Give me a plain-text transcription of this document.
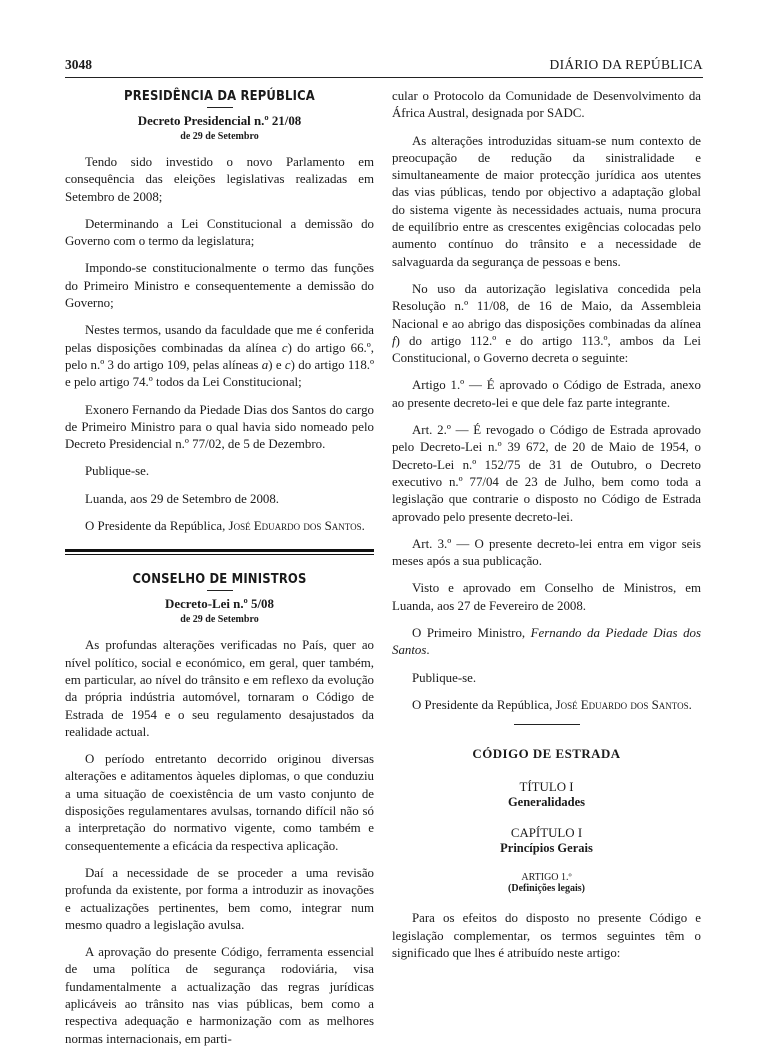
3048	DIÁRIO DA REPÚBLICA
PRESIDÊNCIA DA REPÚBLICA
Decreto Presidencial n.º 21/08
de 29 de Setembro

Tendo sido investido o novo Parlamento em consequência das eleições legislativas realizadas em Setembro de 2008;

Determinando a Lei Constitucional a demissão do Governo com o termo da legislatura;

Impondo-se constitucionalmente o termo das funções do Primeiro Ministro e consequentemente a demissão do Governo;

Nestes termos, usando da faculdade que me é conferida pelas disposições combinadas da alínea c) do artigo 66.º, pelo n.º 3 do artigo 109, pelas alíneas a) e c) do artigo 118.º e pelo artigo 74.º todos da Lei Constitucional;

Exonero Fernando da Piedade Dias dos Santos do cargo de Primeiro Ministro para o qual havia sido nomeado pelo Decreto Presidencial n.º 77/02, de 5 de Dezembro.

Publique-se.

Luanda, aos 29 de Setembro de 2008.

O Presidente da República, José Eduardo dos Santos.

CONSELHO DE MINISTROS
Decreto-Lei n.º 5/08
de 29 de Setembro

As profundas alterações verificadas no País, quer ao nível político, social e económico, em geral, quer também, em particular, ao nível do trânsito e em reflexo da evolução da própria indústria automóvel, tornaram o Código de Estrada de 1954 e o seu regulamento desajustados da realidade actual.

O período entretanto decorrido originou diversas alterações e aditamentos àqueles diplomas, o que conduziu a uma situação de coexistência de um vasto conjunto de disposições regulamentares avulsas, tornando difícil não só a interpretação do normativo vigente, como também e consequentemente a eficácia da respectiva aplicação.

Daí a necessidade de se proceder a uma revisão profunda da existente, por forma a introduzir as inovações e actualizações pertinentes, bem como, integrar num mesmo quadro a legislação avulsa.

A aprovação do presente Código, ferramenta essencial de uma política de segurança rodoviária, visa fundamentalmente a actualização das regras jurídicas aplicáveis ao trânsito nas vias públicas, bem como a respectiva adequação e harmonização com as melhores normas internacionais, em parti-

cular o Protocolo da Comunidade de Desenvolvimento da África Austral, designada por SADC.

As alterações introduzidas situam-se num contexto de preocupação de redução da sinistralidade e simultaneamente de maior protecção jurídica aos utentes das vias públicas, tendo por objectivo a adaptação global do sistema vigente às necessidades actuais, numa procura de equilíbrio entre as crescentes exigências colocadas pelo aumento contínuo do trânsito e a necessidade de salvaguarda da segurança de pessoas e bens.

No uso da autorização legislativa concedida pela Resolução n.º 11/08, de 16 de Maio, da Assembleia Nacional e ao abrigo das disposições combinadas da alínea f) do artigo 112.º e do artigo 113.º, ambos da Lei Constitucional, o Governo decreta o seguinte:

Artigo 1.º — É aprovado o Código de Estrada, anexo ao presente decreto-lei e que dele faz parte integrante.

Art. 2.º — É revogado o Código de Estrada aprovado pelo Decreto-Lei n.º 39 672, de 20 de Maio de 1954, o Decreto-Lei n.º 152/75 de 31 de Outubro, o Decreto executivo n.º 77/04 de 23 de Julho, bem como toda a legislação que contrarie o disposto no Código de Estrada aprovado pelo presente decreto-lei.

Art. 3.º — O presente decreto-lei entra em vigor seis meses após a sua publicação.

Visto e aprovado em Conselho de Ministros, em Luanda, aos 27 de Fevereiro de 2008.

O Primeiro Ministro, Fernando da Piedade Dias dos Santos.

Publique-se.

O Presidente da República, José Eduardo dos Santos.

CÓDIGO DE ESTRADA
TÍTULO I
Generalidades
CAPÍTULO I
Princípios Gerais
ARTIGO 1.º
(Definições legais)

Para os efeitos do disposto no presente Código e legislação complementar, os termos seguintes têm o significado que lhes é atribuído neste artigo:
